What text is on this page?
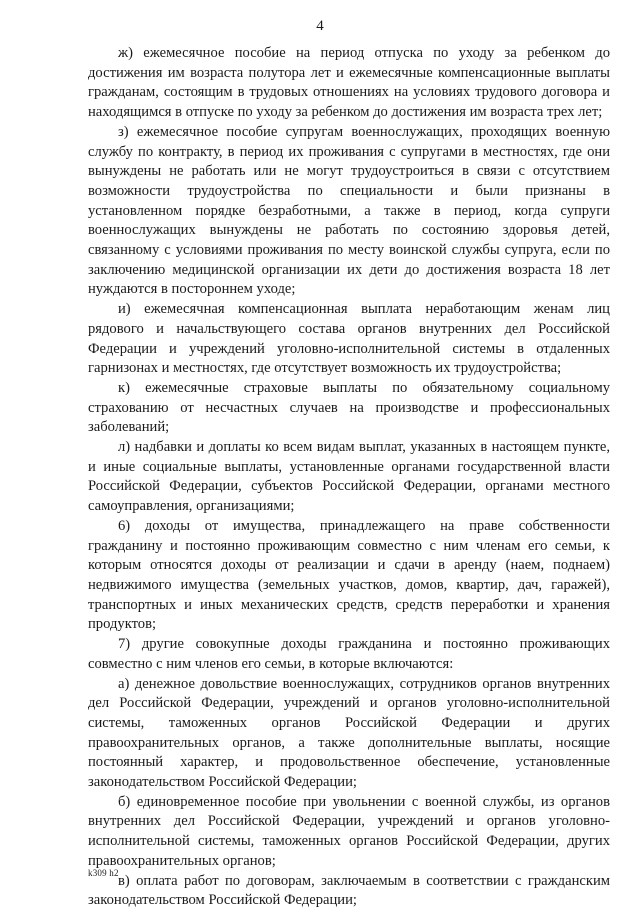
4

ж) ежемесячное пособие на период отпуска по уходу за ребенком до достижения им возраста полутора лет и ежемесячные компенсационные выплаты гражданам, состоящим в трудовых отношениях на условиях трудового договора и находящимся в отпуске по уходу за ребенком до достижения им возраста трех лет;

з) ежемесячное пособие супругам военнослужащих, проходящих военную службу по контракту, в период их проживания с супругами в местностях, где они вынуждены не работать или не могут трудоустроиться в связи с отсутствием возможности трудоустройства по специальности и были признаны в установленном порядке безработными, а также в период, когда супруги военнослужащих вынуждены не работать по состоянию здоровья детей, связанному с условиями проживания по месту воинской службы супруга, если по заключению медицинской организации их дети до достижения возраста 18 лет нуждаются в постороннем уходе;

и) ежемесячная компенсационная выплата неработающим женам лиц рядового и начальствующего состава органов внутренних дел Российской Федерации и учреждений уголовно-исполнительной системы в отдаленных гарнизонах и местностях, где отсутствует возможность их трудоустройства;

к) ежемесячные страховые выплаты по обязательному социальному страхованию от несчастных случаев на производстве и профессиональных заболеваний;

л) надбавки и доплаты ко всем видам выплат, указанных в настоящем пункте, и иные социальные выплаты, установленные органами государственной власти Российской Федерации, субъектов Российской Федерации, органами местного самоуправления, организациями;

6) доходы от имущества, принадлежащего на праве собственности гражданину и постоянно проживающим совместно с ним членам его семьи, к которым относятся доходы от реализации и сдачи в аренду (наем, поднаем) недвижимого имущества (земельных участков, домов, квартир, дач, гаражей), транспортных и иных механических средств, средств переработки и хранения продуктов;

7) другие совокупные доходы гражданина и постоянно проживающих совместно с ним членов его семьи, в которые включаются:

а) денежное довольствие военнослужащих, сотрудников органов внутренних дел Российской Федерации, учреждений и органов уголовно-исполнительной системы, таможенных органов Российской Федерации и других правоохранительных органов, а также дополнительные выплаты, носящие постоянный характер, и продовольственное обеспечение, установленные законодательством Российской Федерации;

б) единовременное пособие при увольнении с военной службы, из органов внутренних дел Российской Федерации, учреждений и органов уголовно-исполнительной системы, таможенных органов Российской Федерации, других правоохранительных органов;

в) оплата работ по договорам, заключаемым в соответствии с гражданским законодательством Российской Федерации;

k309 h2
